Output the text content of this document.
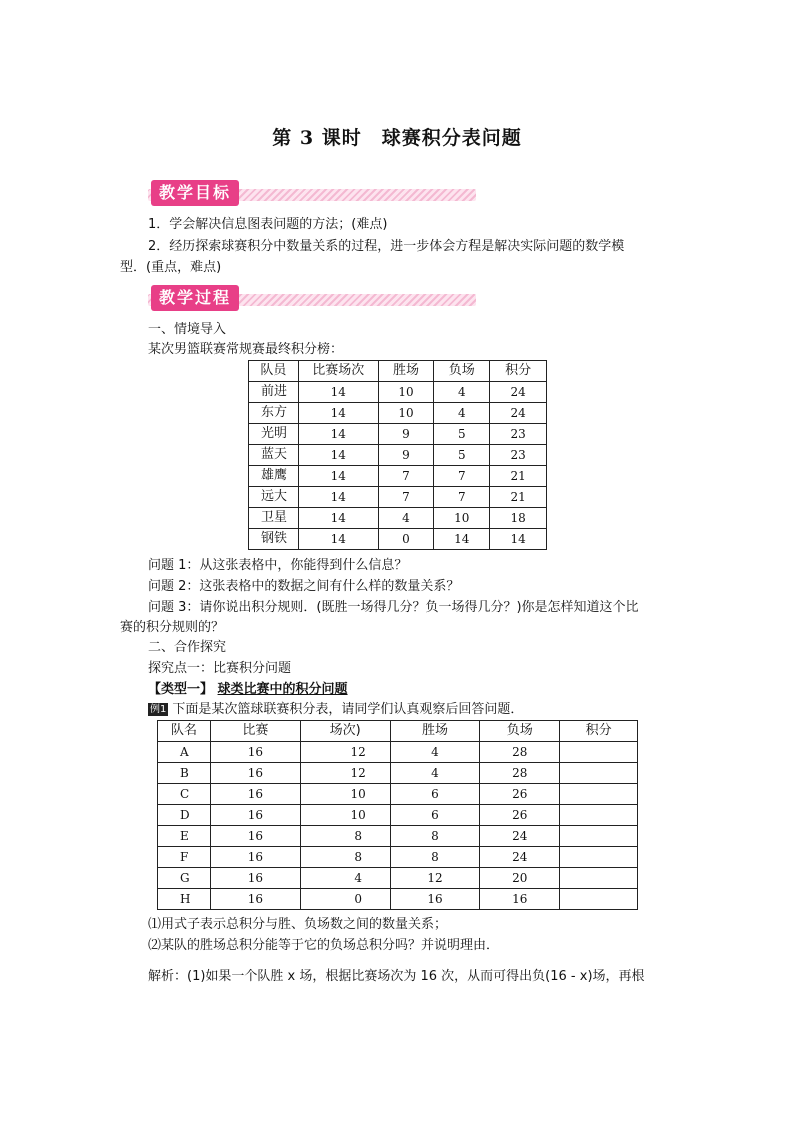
第 3 课时　球赛积分表问题
教学目标
1．学会解决信息图表问题的方法；(难点)
2．经历探索球赛积分中数量关系的过程，进一步体会方程是解决实际问题的数学模
型．(重点，难点)
教学过程
一、情境导入
某次男篮联赛常规赛最终积分榜：
队员	比赛场次	胜场	负场	积分
前进	14	10	4	24
东方	14	10	4	24
光明	14	9	5	23
蓝天	14	9	5	23
雄鹰	14	7	7	21
远大	14	7	7	21
卫星	14	4	10	18
钢铁	14	0	14	14
问题 1：从这张表格中，你能得到什么信息？
问题 2：这张表格中的数据之间有什么样的数量关系？
问题 3：请你说出积分规则．(既胜一场得几分？负一场得几分？)你是怎样知道这个比
赛的积分规则的？
二、合作探究
探究点一：比赛积分问题
【类型一】 球类比赛中的积分问题
例1 下面是某次篮球联赛积分表，请同学们认真观察后回答问题．
队名	比赛	场次)	胜场	负场	积分
A	16	12	4	28	
B	16	12	4	28	
C	16	10	6	26	
D	16	10	6	26	
E	16	8	8	24	
F	16	8	8	24	
G	16	4	12	20	
H	16	0	16	16	
⑴用式子表示总积分与胜、负场数之间的数量关系；
⑵某队的胜场总积分能等于它的负场总积分吗？并说明理由．
解析：(1)如果一个队胜 x 场，根据比赛场次为 16 次，从而可得出负(16 - x)场，再根
